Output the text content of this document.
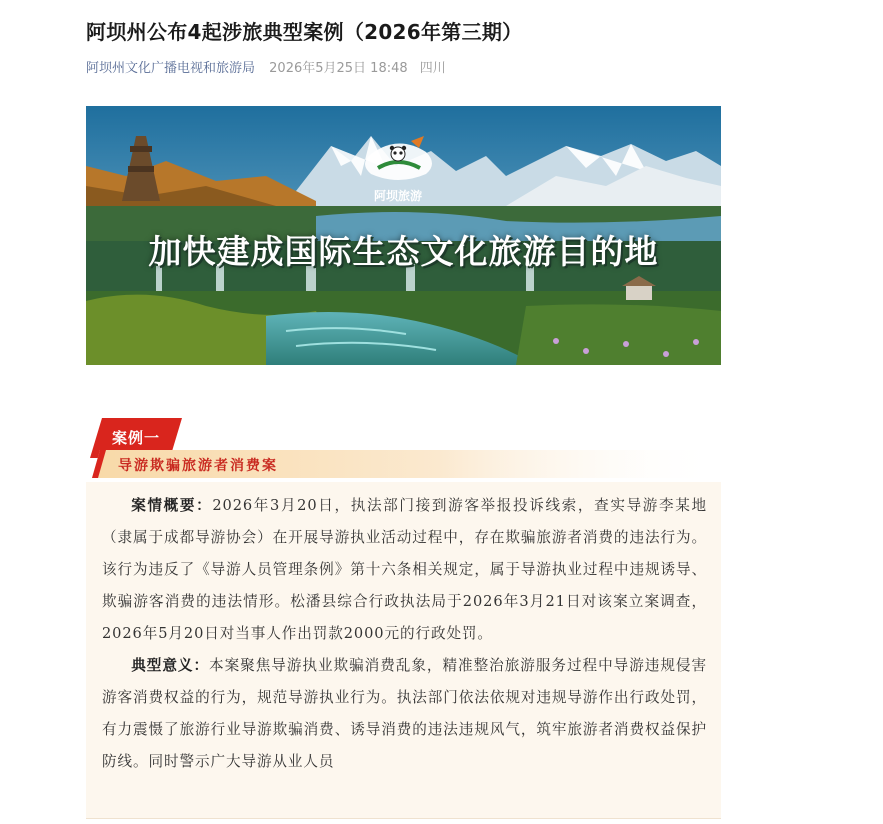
阿坝州公布4起涉旅典型案例（2026年第三期）
阿坝州文化广播电视和旅游局 2026年5月25日 18:48 四川
阿坝旅游
加快建成国际生态文化旅游目的地
案例一
导游欺骗旅游者消费案

案情概要：2026年3月20日，执法部门接到游客举报投诉线索，查实导游李某地（隶属于成都导游协会）在开展导游执业活动过程中，存在欺骗旅游者消费的违法行为。该行为违反了《导游人员管理条例》第十六条相关规定，属于导游执业过程中违规诱导、欺骗游客消费的违法情形。松潘县综合行政执法局于2026年3月21日对该案立案调查，2026年5月20日对当事人作出罚款2000元的行政处罚。

典型意义：本案聚焦导游执业欺骗消费乱象，精准整治旅游服务过程中导游违规侵害游客消费权益的行为，规范导游执业行为。执法部门依法依规对违规导游作出行政处罚，有力震慑了旅游行业导游欺骗消费、诱导消费的违法违规风气，筑牢旅游者消费权益保护防线。同时警示广大导游从业人员
